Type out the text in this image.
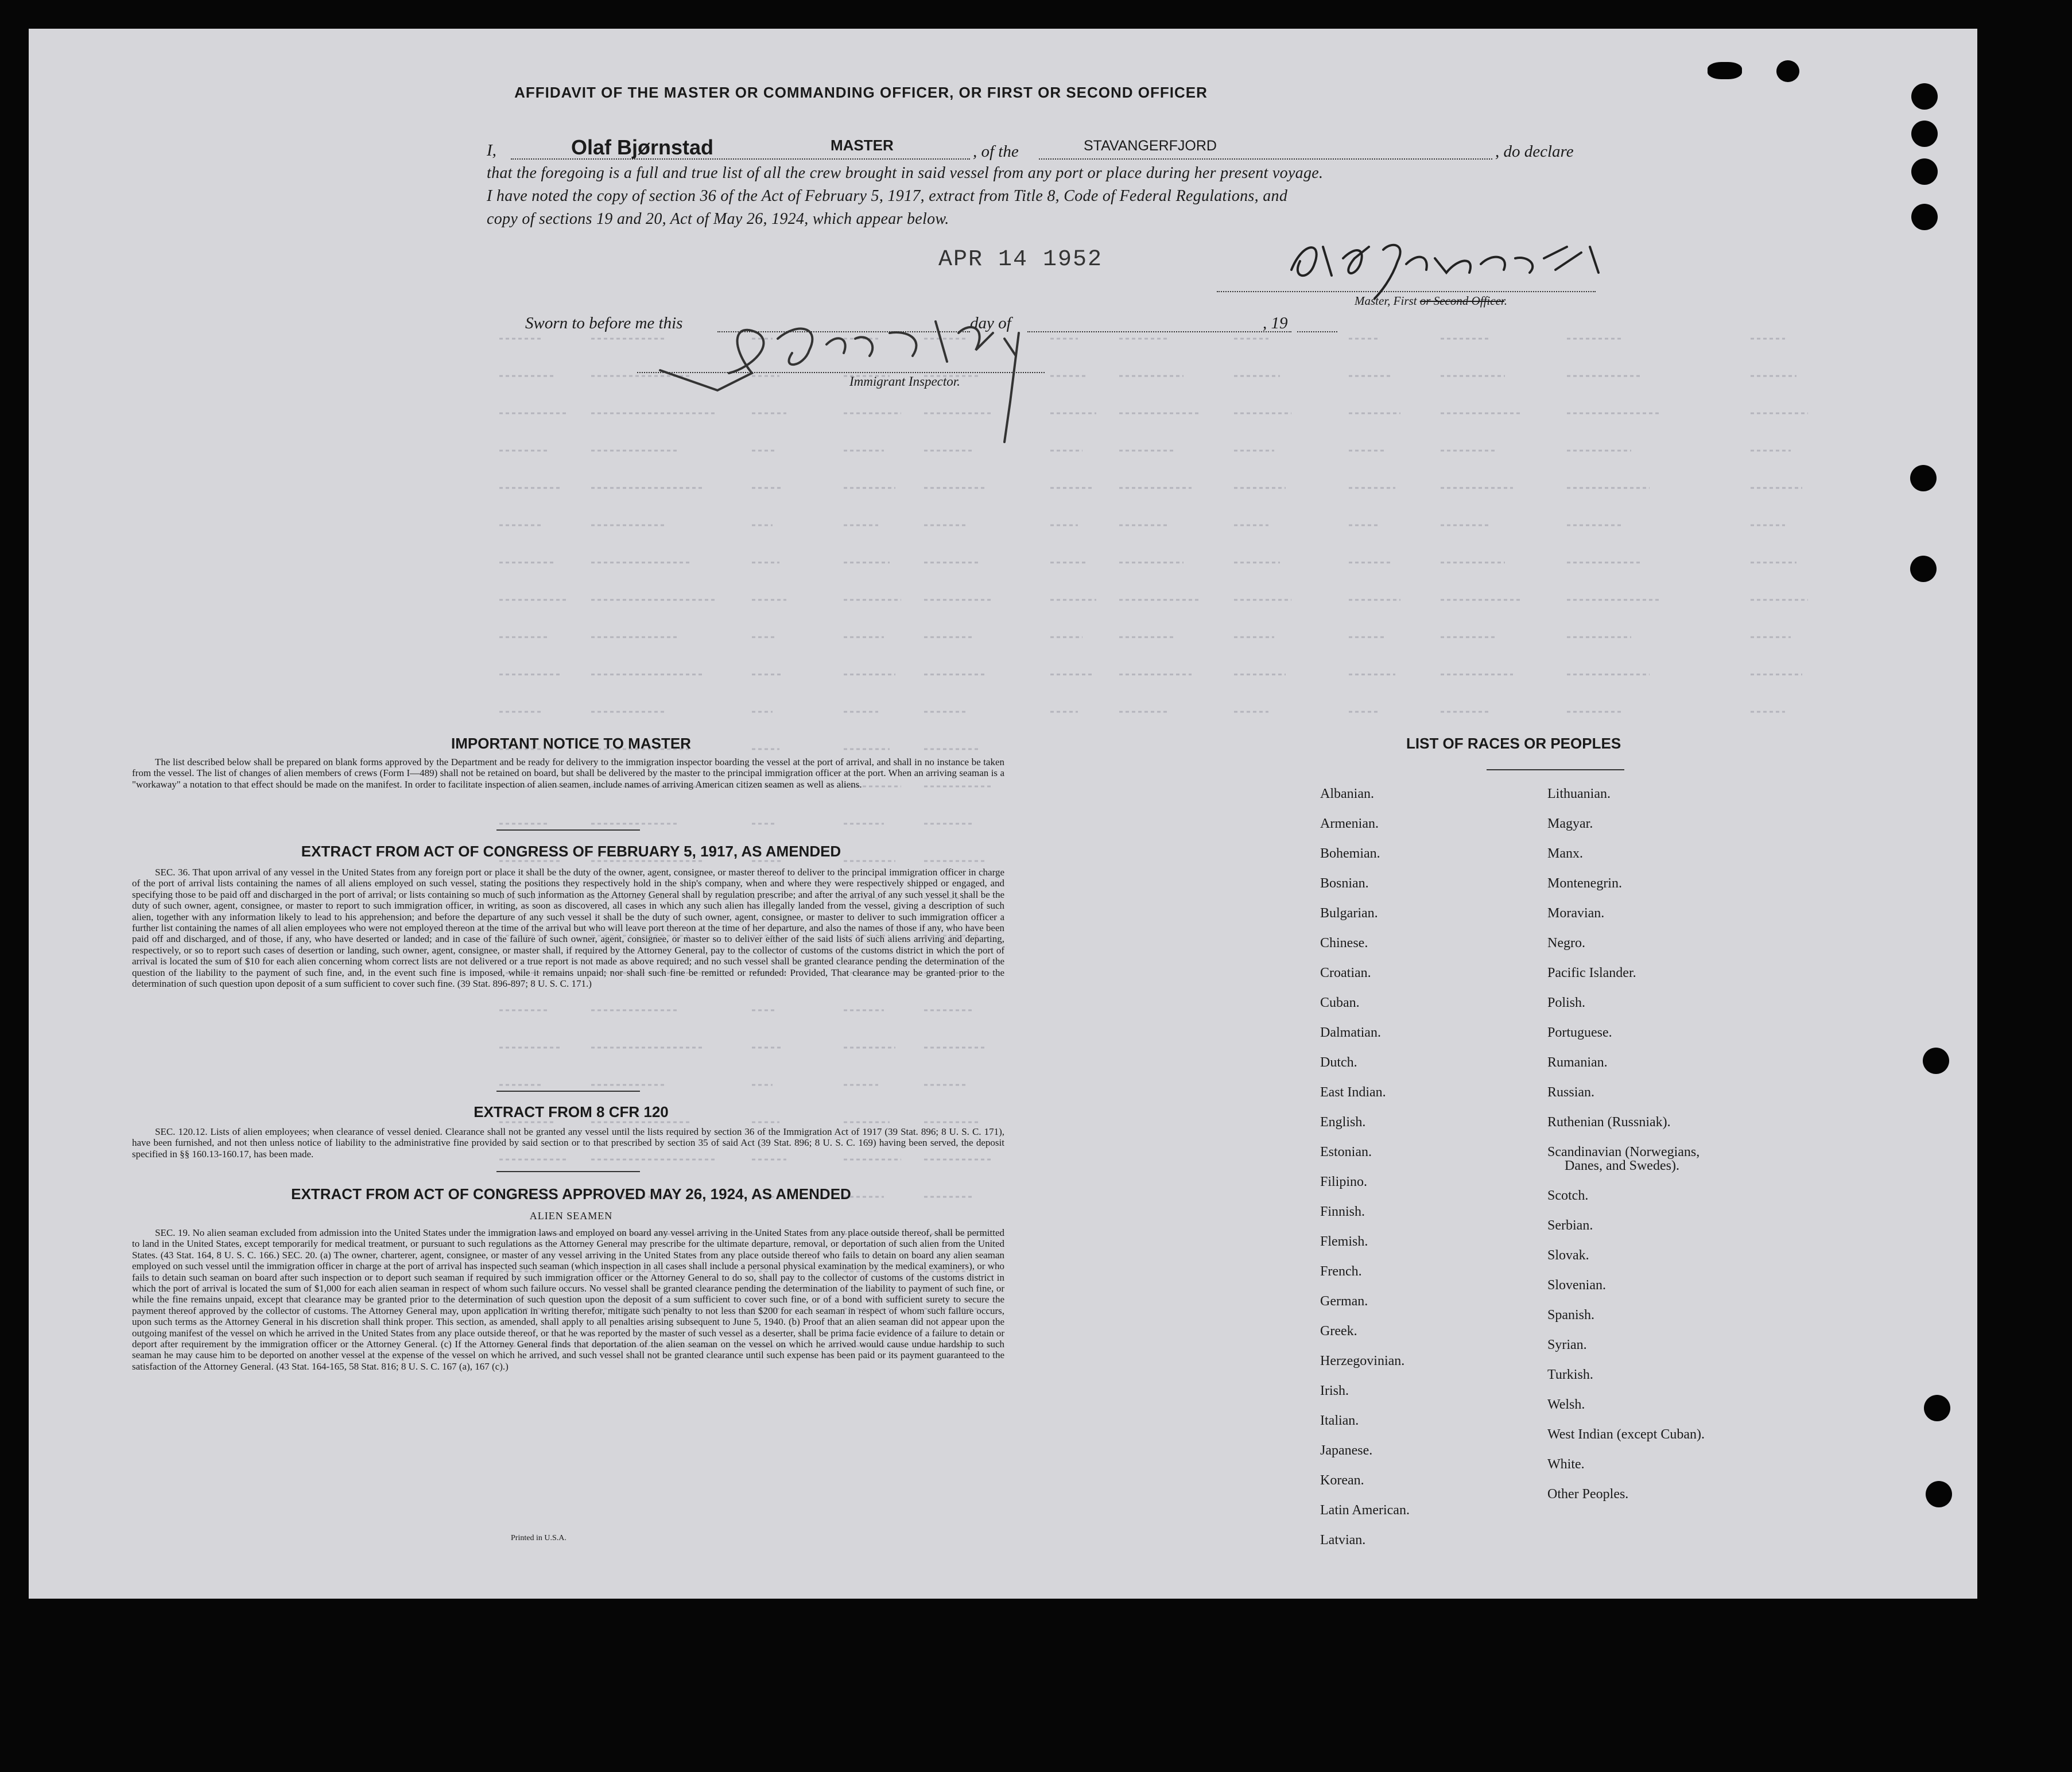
AFFIDAVIT OF THE MASTER OR COMMANDING OFFICER, OR FIRST OR SECOND OFFICER
I,	Olaf Bjørnstad	MASTER	, of the	STAVANGERFJORD	, do declare
that the foregoing is a full and true list of all the crew brought in said vessel from any port or place during her present voyage.
I have noted the copy of section 36 of the Act of February 5, 1917, extract from Title 8, Code of Federal Regulations, and
copy of sections 19 and 20, Act of May 26, 1924, which appear below.
APR 14 1952
Master, First or Second Officer.
Sworn to before me this	day of	, 19
Immigrant Inspector.
IMPORTANT NOTICE TO MASTER
The list described below shall be prepared on blank forms approved by the Department and be ready for delivery to the immigration inspector boarding the vessel at the port of arrival, and shall in no instance be taken from the vessel. The list of changes of alien members of crews (Form I—489) shall not be retained on board, but shall be delivered by the master to the principal immigration officer at the port. When an arriving seaman is a "workaway" a notation to that effect should be made on the manifest. In order to facilitate inspection of alien seamen, include names of arriving American citizen seamen as well as aliens.
EXTRACT FROM ACT OF CONGRESS OF FEBRUARY 5, 1917, AS AMENDED
SEC. 36. That upon arrival of any vessel in the United States from any foreign port or place it shall be the duty of the owner, agent, consignee, or master thereof to deliver to the principal immigration officer in charge of the port of arrival lists containing the names of all aliens employed on such vessel, stating the positions they respectively hold in the ship's company, when and where they were respectively shipped or engaged, and specifying those to be paid off and discharged in the port of arrival; or lists containing so much of such information as the Attorney General shall by regulation prescribe; and after the arrival of any such vessel it shall be the duty of such owner, agent, consignee, or master to report to such immigration officer, in writing, as soon as discovered, all cases in which any such alien has illegally landed from the vessel, giving a description of such alien, together with any information likely to lead to his apprehension; and before the departure of any such vessel it shall be the duty of such owner, agent, consignee, or master to deliver to such immigration officer a further list containing the names of all alien employees who were not employed thereon at the time of the arrival but who will leave port thereon at the time of her departure, and also the names of those if any, who have been paid off and discharged, and of those, if any, who have deserted or landed; and in case of the failure of such owner, agent, consignee, or master so to deliver either of the said lists of such aliens arriving and departing, respectively, or so to report such cases of desertion or landing, such owner, agent, consignee, or master shall, if required by the Attorney General, pay to the collector of customs of the customs district in which the port of arrival is located the sum of $10 for each alien concerning whom correct lists are not delivered or a true report is not made as above required; and no such vessel shall be granted clearance pending the determination of the question of the liability to the payment of such fine, and, in the event such fine is imposed, while it remains unpaid; nor shall such fine be remitted or refunded: Provided, That clearance may be granted prior to the determination of such question upon deposit of a sum sufficient to cover such fine. (39 Stat. 896-897; 8 U. S. C. 171.)
EXTRACT FROM 8 CFR 120
SEC. 120.12. Lists of alien employees; when clearance of vessel denied. Clearance shall not be granted any vessel until the lists required by section 36 of the Immigration Act of 1917 (39 Stat. 896; 8 U. S. C. 171), have been furnished, and not then unless notice of liability to the administrative fine provided by said section or to that prescribed by section 35 of said Act (39 Stat. 896; 8 U. S. C. 169) having been served, the deposit specified in §§ 160.13-160.17, has been made.
EXTRACT FROM ACT OF CONGRESS APPROVED MAY 26, 1924, AS AMENDED
ALIEN SEAMEN
SEC. 19. No alien seaman excluded from admission into the United States under the immigration laws and employed on board any vessel arriving in the United States from any place outside thereof, shall be permitted to land in the United States, except temporarily for medical treatment, or pursuant to such regulations as the Attorney General may prescribe for the ultimate departure, removal, or deportation of such alien from the United States. (43 Stat. 164, 8 U. S. C. 166.) SEC. 20. (a) The owner, charterer, agent, consignee, or master of any vessel arriving in the United States from any place outside thereof who fails to detain on board any alien seaman employed on such vessel until the immigration officer in charge at the port of arrival has inspected such seaman (which inspection in all cases shall include a personal physical examination by the medical examiners), or who fails to detain such seaman on board after such inspection or to deport such seaman if required by such immigration officer or the Attorney General to do so, shall pay to the collector of customs of the customs district in which the port of arrival is located the sum of $1,000 for each alien seaman in respect of whom such failure occurs. No vessel shall be granted clearance pending the determination of the liability to payment of such fine, or while the fine remains unpaid, except that clearance may be granted prior to the determination of such question upon the deposit of a sum sufficient to cover such fine, or of a bond with sufficient surety to secure the payment thereof approved by the collector of customs. The Attorney General may, upon application in writing therefor, mitigate such penalty to not less than $200 for each seaman in respect of whom such failure occurs, upon such terms as the Attorney General in his discretion shall think proper. This section, as amended, shall apply to all penalties arising subsequent to June 5, 1940. (b) Proof that an alien seaman did not appear upon the outgoing manifest of the vessel on which he arrived in the United States from any place outside thereof, or that he was reported by the master of such vessel as a deserter, shall be prima facie evidence of a failure to detain or deport after requirement by the immigration officer or the Attorney General. (c) If the Attorney General finds that deportation of the alien seaman on the vessel on which he arrived would cause undue hardship to such seaman he may cause him to be deported on another vessel at the expense of the vessel on which he arrived, and such vessel shall not be granted clearance until such expense has been paid or its payment guaranteed to the satisfaction of the Attorney General. (43 Stat. 164-165, 58 Stat. 816; 8 U. S. C. 167 (a), 167 (c).)
Printed in U.S.A.
LIST OF RACES OR PEOPLES
Albanian.
Armenian.
Bohemian.
Bosnian.
Bulgarian.
Chinese.
Croatian.
Cuban.
Dalmatian.
Dutch.
East Indian.
English.
Estonian.
Filipino.
Finnish.
Flemish.
French.
German.
Greek.
Herzegovinian.
Irish.
Italian.
Japanese.
Korean.
Latin American.
Latvian.
Lithuanian.
Magyar.
Manx.
Montenegrin.
Moravian.
Negro.
Pacific Islander.
Polish.
Portuguese.
Rumanian.
Russian.
Ruthenian (Russniak).
Scandinavian (Norwegians,
Danes, and Swedes).
Scotch.
Serbian.
Slovak.
Slovenian.
Spanish.
Syrian.
Turkish.
Welsh.
West Indian (except Cuban).
White.
Other Peoples.
